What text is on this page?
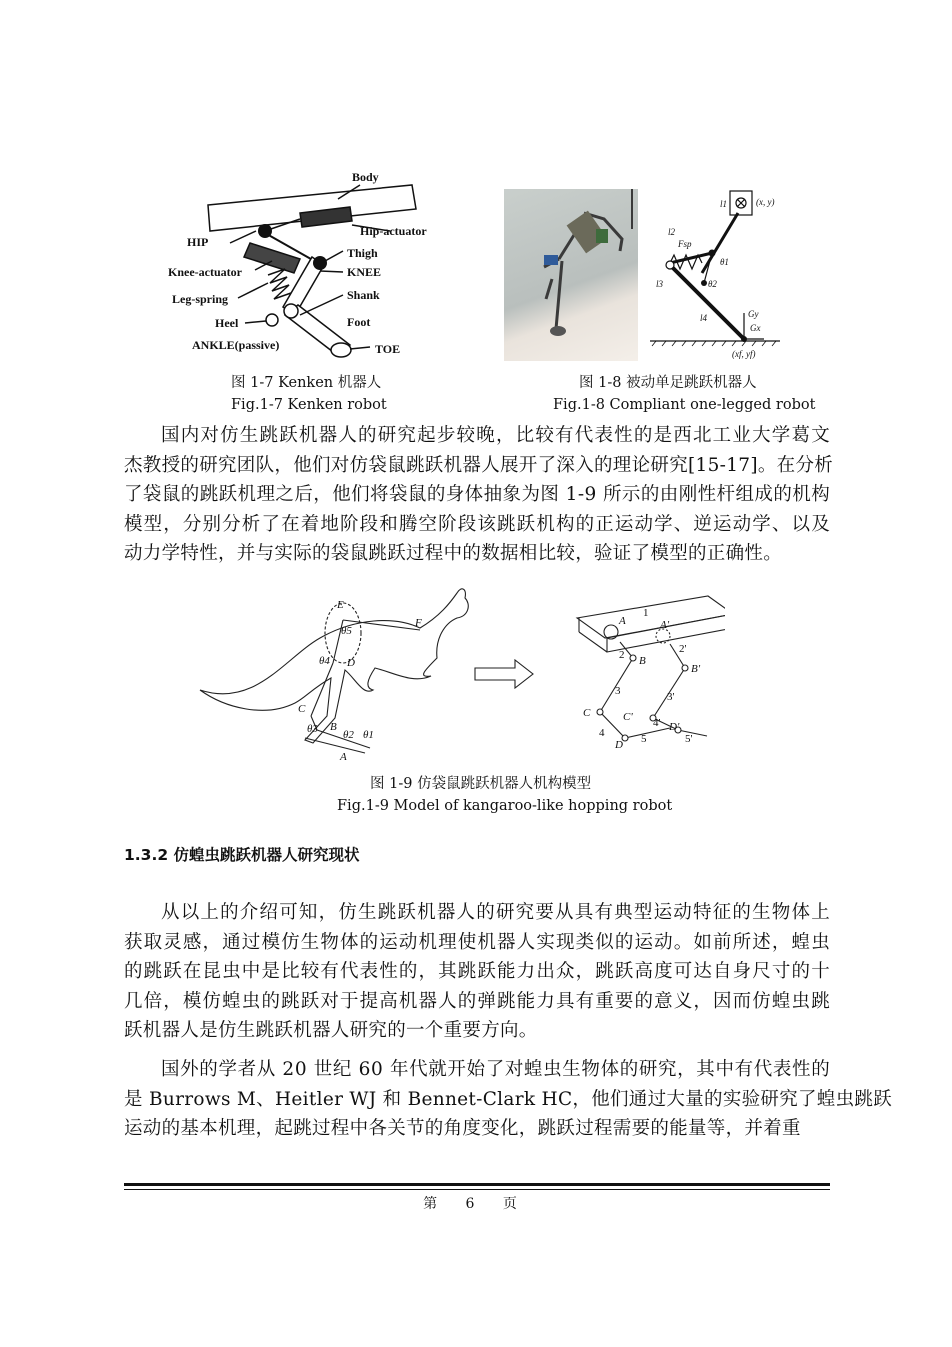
Body
Hip-actuator
HIP
Thigh
Knee-actuator	KNEE
Leg-spring	Shank
Heel	Foot
ANKLE(passive)	TOE
(x, y)
l1
l2
Fsp
θ1
l3	θ2
l4	Gy
Gx
(xf, yf)
图 1-7 Kenken 机器人
Fig.1-7 Kenken robot
图 1-8 被动单足跳跃机器人
Fig.1-8 Compliant one-legged robot
国内对仿生跳跃机器人的研究起步较晚，比较有代表性的是西北工业大学葛文
杰教授的研究团队，他们对仿袋鼠跳跃机器人展开了深入的理论研究[15-17]。在分析
了袋鼠的跳跃机理之后，他们将袋鼠的身体抽象为图 1-9 所示的由刚性杆组成的机构
模型，分别分析了在着地阶段和腾空阶段该跳跃机构的正运动学、逆运动学、以及
动力学特性，并与实际的袋鼠跳跃过程中的数据相比较，验证了模型的正确性。
E
θ5
F
θ4 D
C
θ3 B
θ2 θ1
A
1
A	A'
2	2'
B
B'
3	3'
C	C'
4
4' D'
D 5	5'
图 1-9 仿袋鼠跳跃机器人机构模型
Fig.1-9 Model of kangaroo-like hopping robot
1.3.2 仿蝗虫跳跃机器人研究现状
从以上的介绍可知，仿生跳跃机器人的研究要从具有典型运动特征的生物体上
获取灵感，通过模仿生物体的运动机理使机器人实现类似的运动。如前所述，蝗虫
的跳跃在昆虫中是比较有代表性的，其跳跃能力出众，跳跃高度可达自身尺寸的十
几倍，模仿蝗虫的跳跃对于提高机器人的弹跳能力具有重要的意义，因而仿蝗虫跳
跃机器人是仿生跳跃机器人研究的一个重要方向。
国外的学者从 20 世纪 60 年代就开始了对蝗虫生物体的研究，其中有代表性的
是 Burrows M、Heitler WJ 和 Bennet-Clark HC，他们通过大量的实验研究了蝗虫跳跃
运动的基本机理，起跳过程中各关节的角度变化，跳跃过程需要的能量等，并着重
第 6 页
